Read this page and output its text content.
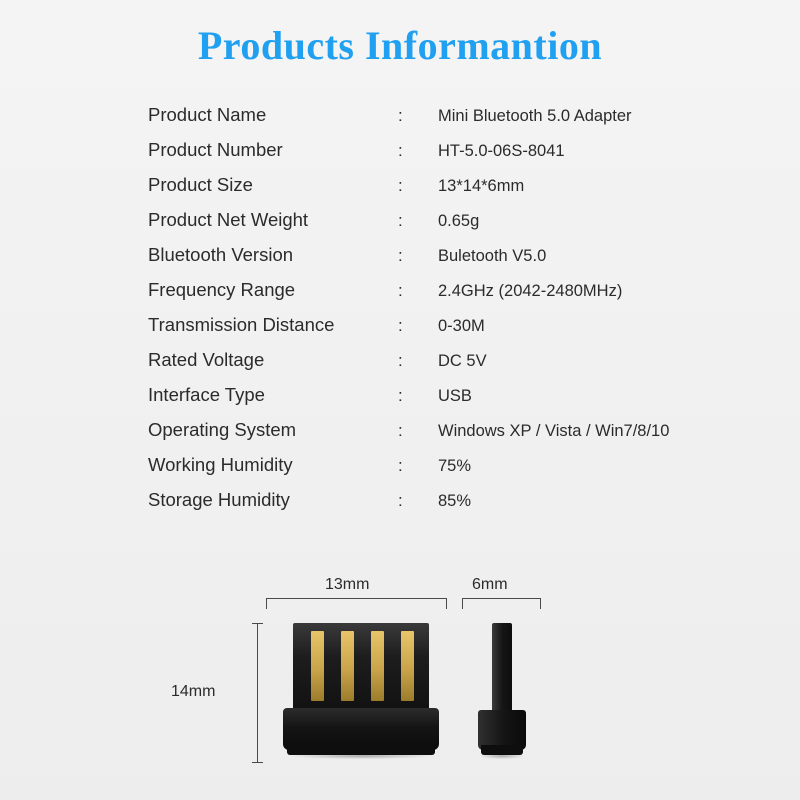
Products Informantion
Product Name	:	Mini Bluetooth 5.0 Adapter
Product Number	:	HT-5.0-06S-8041
Product Size	:	13*14*6mm
Product Net Weight	:	0.65g
Bluetooth Version	:	Buletooth V5.0
Frequency Range	:	2.4GHz (2042-2480MHz)
Transmission Distance	:	0-30M
Rated Voltage	:	DC 5V
Interface Type	:	USB
Operating System	:	Windows XP / Vista / Win7/8/10
Working Humidity	:	75%
Storage Humidity	:	85%
13mm	6mm
14mm
